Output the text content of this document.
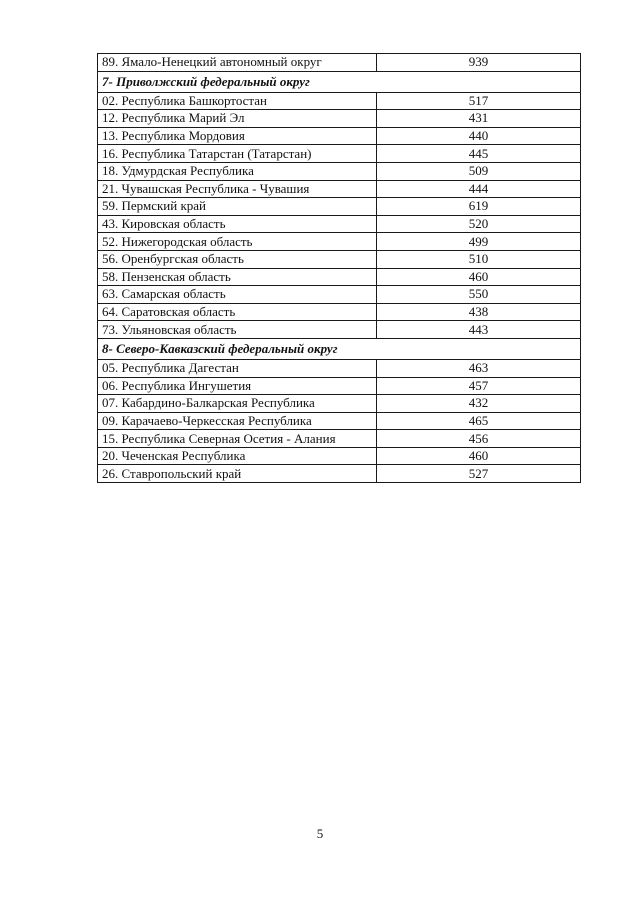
89. Ямало-Ненецкий автономный округ	939
7- Приволжский федеральный округ	
02. Республика Башкортостан	517
12. Республика Марий Эл	431
13. Республика Мордовия	440
16. Республика Татарстан (Татарстан)	445
18. Удмурдская Республика	509
21. Чувашская Республика - Чувашия	444
59. Пермский край	619
43. Кировская область	520
52. Нижегородская область	499
56. Оренбургская область	510
58. Пензенская область	460
63. Самарская область	550
64. Саратовская область	438
73. Ульяновская область	443
8- Северо-Кавказский федеральный округ	
05. Республика Дагестан	463
06. Республика Ингушетия	457
07. Кабардино-Балкарская Республика	432
09. Карачаево-Черкесская Республика	465
15. Республика Северная Осетия - Алания	456
20. Чеченская Республика	460
26. Ставропольский край	527
5
